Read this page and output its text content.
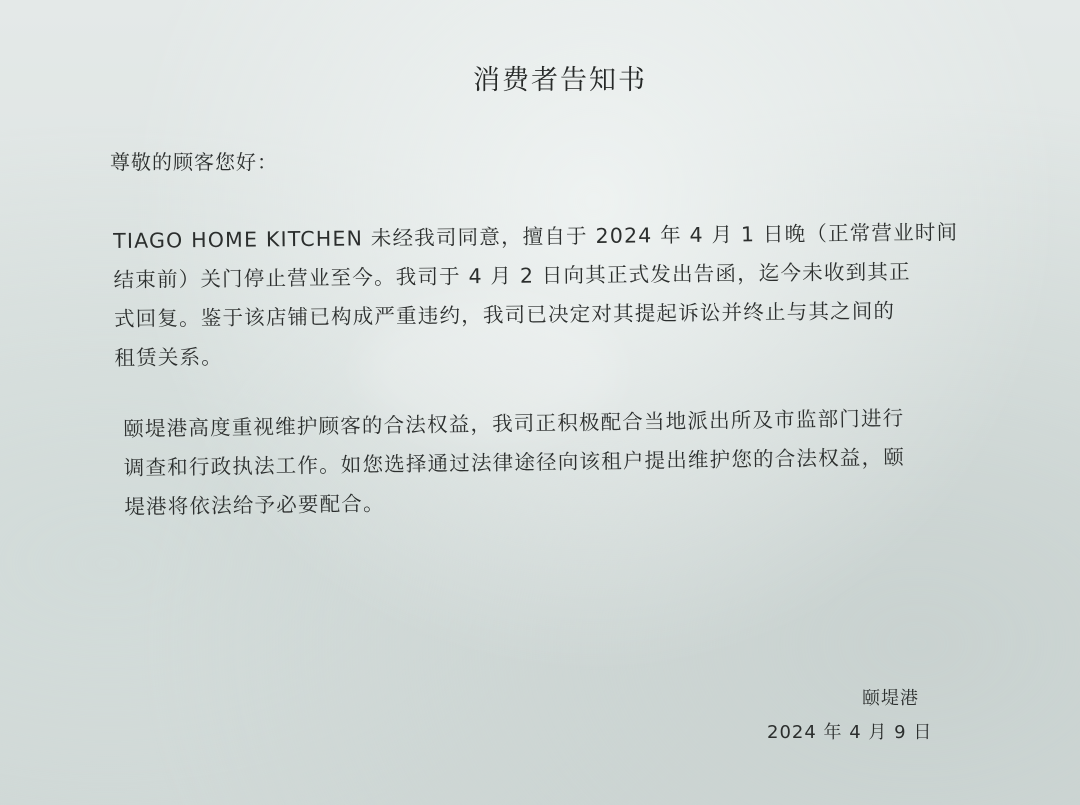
消费者告知书
尊敬的顾客您好：
TIAGO HOME KITCHEN 未经我司同意，擅自于 2024 年 4 月 1 日晚（正常营业时间
结束前）关门停止营业至今。我司于 4 月 2 日向其正式发出告函，迄今未收到其正
式回复。鉴于该店铺已构成严重违约，我司已决定对其提起诉讼并终止与其之间的
租赁关系。
颐堤港高度重视维护顾客的合法权益，我司正积极配合当地派出所及市监部门进行
调查和行政执法工作。如您选择通过法律途径向该租户提出维护您的合法权益，颐
堤港将依法给予必要配合。
颐堤港
2024 年 4 月 9 日
